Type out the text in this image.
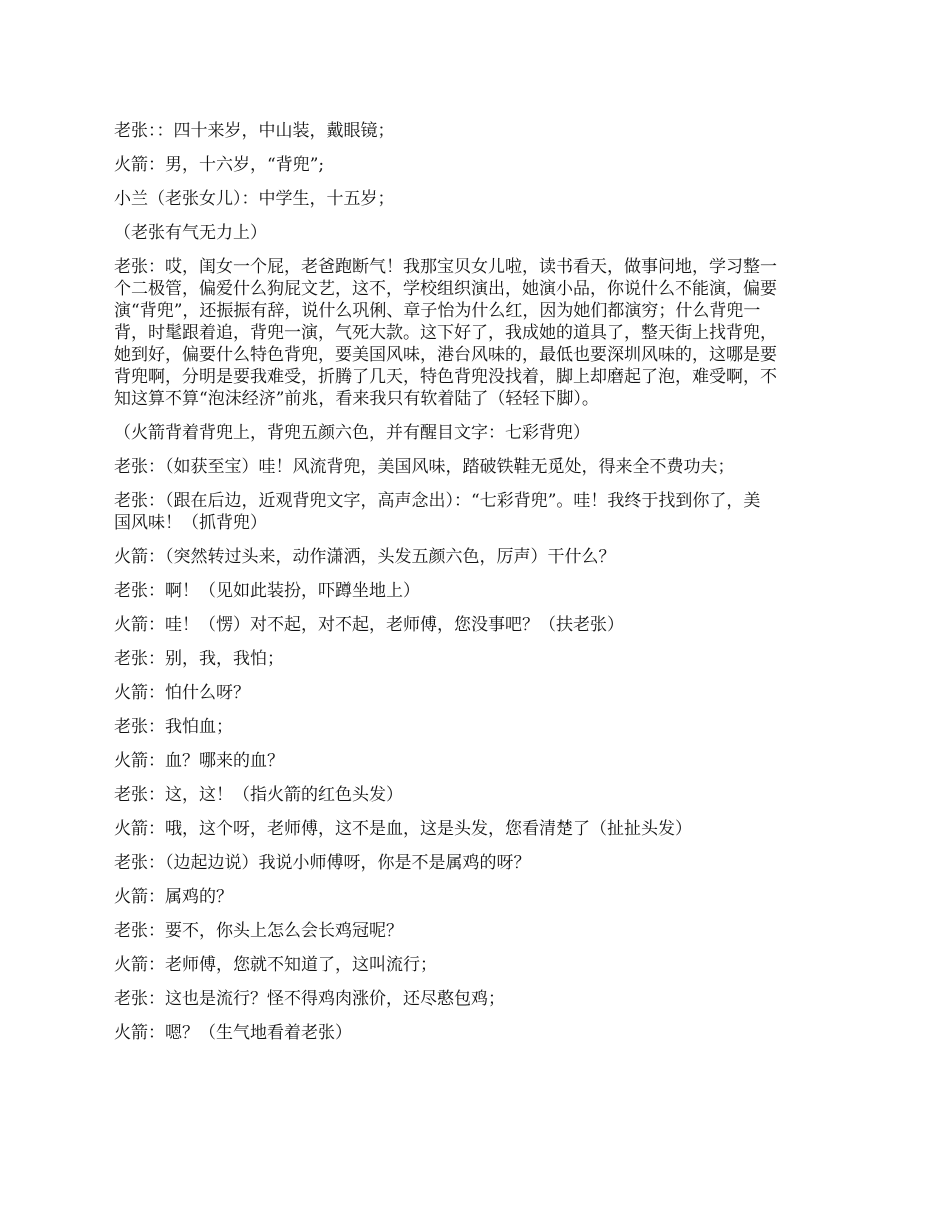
老张：：四十来岁，中山装，戴眼镜；

火箭：男，十六岁，“背兜”;

小兰（老张女儿）：中学生，十五岁；

（老张有气无力上）

老张：哎，闺女一个屁，老爸跑断气！我那宝贝女儿啦，读书看天，做事问地，学习整一
个二极管，偏爱什么狗屁文艺，这不，学校组织演出，她演小品，你说什么不能演，偏要
演“背兜”，还振振有辞，说什么巩俐、章子怡为什么红，因为她们都演穷；什么背兜一
背，时髦跟着追，背兜一演，气死大款。这下好了，我成她的道具了，整天街上找背兜，
她到好，偏要什么特色背兜，要美国风味，港台风味的，最低也要深圳风味的，这哪是要
背兜啊，分明是要我难受，折腾了几天，特色背兜没找着，脚上却磨起了泡，难受啊，不
知这算不算“泡沫经济”前兆，看来我只有软着陆了（轻轻下脚）。

（火箭背着背兜上，背兜五颜六色，并有醒目文字：七彩背兜）

老张：（如获至宝）哇！风流背兜，美国风味，踏破铁鞋无觅处，得来全不费功夫；

老张：（跟在后边，近观背兜文字，高声念出）：“七彩背兜”。哇！我终于找到你了，美
国风味！（抓背兜）

火箭：（突然转过头来，动作潇洒，头发五颜六色，厉声）干什么？

老张：啊！（见如此装扮，吓蹲坐地上）

火箭：哇！（愣）对不起，对不起，老师傅，您没事吧？（扶老张）

老张：别，我，我怕；

火箭：怕什么呀？

老张：我怕血；

火箭：血？哪来的血？

老张：这，这！（指火箭的红色头发）

火箭：哦，这个呀，老师傅，这不是血，这是头发，您看清楚了（扯扯头发）

老张：（边起边说）我说小师傅呀，你是不是属鸡的呀？

火箭：属鸡的？

老张：要不，你头上怎么会长鸡冠呢？

火箭：老师傅，您就不知道了，这叫流行；

老张：这也是流行？怪不得鸡肉涨价，还尽憨包鸡；

火箭：嗯？（生气地看着老张）
